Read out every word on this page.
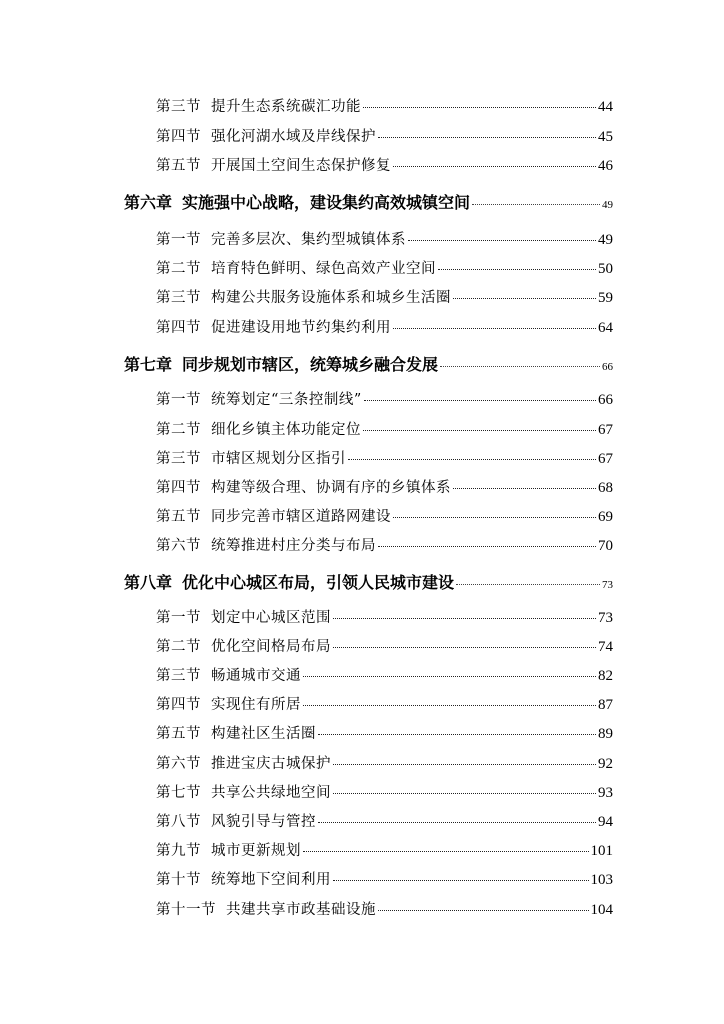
第三节 提升生态系统碳汇功能	44
第四节 强化河湖水域及岸线保护	45
第五节 开展国土空间生态保护修复	46
第六章 实施强中心战略，建设集约高效城镇空间	49
第一节 完善多层次、集约型城镇体系	49
第二节 培育特色鲜明、绿色高效产业空间	50
第三节 构建公共服务设施体系和城乡生活圈	59
第四节 促进建设用地节约集约利用	64
第七章 同步规划市辖区，统筹城乡融合发展	66
第一节 统筹划定“三条控制线”	66
第二节 细化乡镇主体功能定位	67
第三节 市辖区规划分区指引	67
第四节 构建等级合理、协调有序的乡镇体系	68
第五节 同步完善市辖区道路网建设	69
第六节 统筹推进村庄分类与布局	70
第八章 优化中心城区布局，引领人民城市建设	73
第一节 划定中心城区范围	73
第二节 优化空间格局布局	74
第三节 畅通城市交通	82
第四节 实现住有所居	87
第五节 构建社区生活圈	89
第六节 推进宝庆古城保护	92
第七节 共享公共绿地空间	93
第八节 风貌引导与管控	94
第九节 城市更新规划	101
第十节 统筹地下空间利用	103
第十一节 共建共享市政基础设施	104
